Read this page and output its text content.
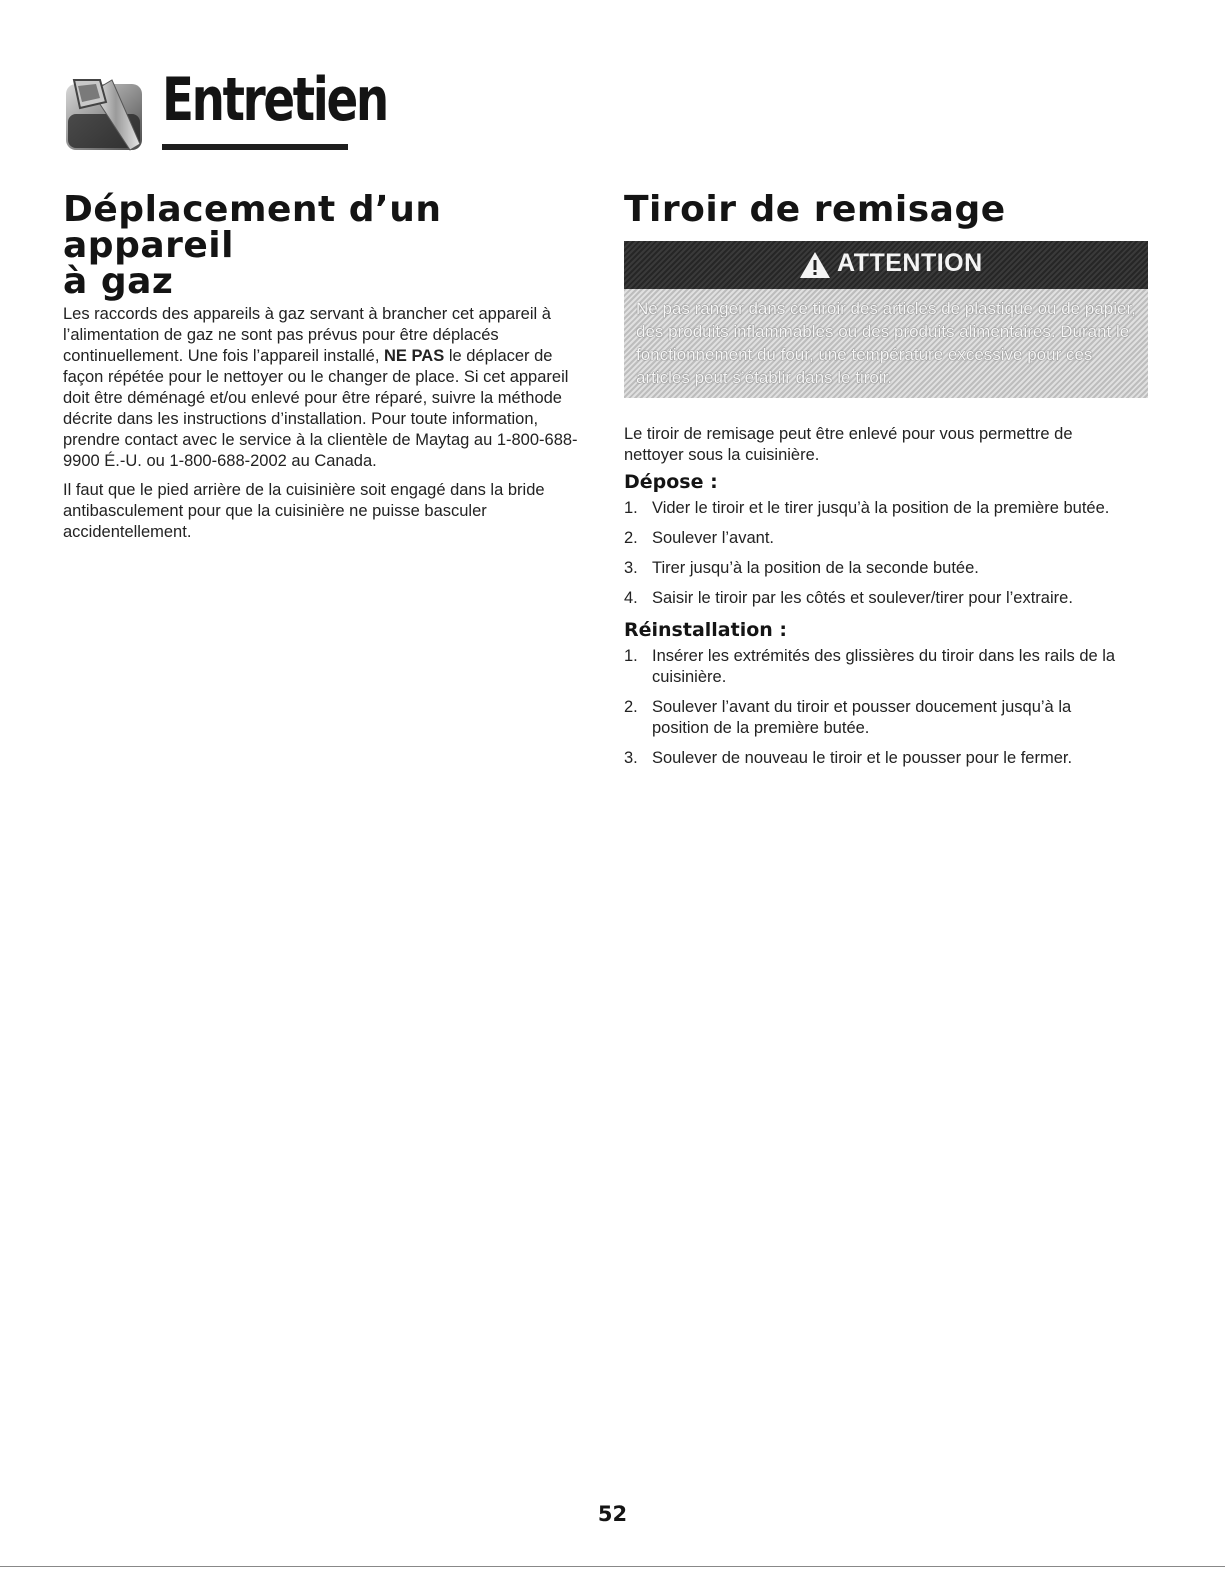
Entretien
Déplacement d’un appareil
à gaz

Les raccords des appareils à gaz servant à brancher cet appareil à l’alimentation de gaz ne sont pas prévus pour être déplacés continuellement. Une fois l’appareil installé, NE PAS le déplacer de façon répétée pour le nettoyer ou le changer de place. Si cet appareil doit être déménagé et/ou enlevé pour être réparé, suivre la méthode décrite dans les instructions d’installation. Pour toute information, prendre contact avec le service à la clientèle de Maytag au 1-800-688-9900 É.-U. ou 1-800-688-2002 au Canada.

Il faut que le pied arrière de la cuisinière soit engagé dans la bride antibasculement pour que la cuisinière ne puisse basculer accidentellement.

Tiroir de remisage
ATTENTION

Ne pas ranger dans ce tiroir des articles de plastique ou de papier, des produits inflammables ou des produits alimentaires. Durant le fonctionnement du four, une température excessive pour ces articles peut s’établir dans le tiroir.

Le tiroir de remisage peut être enlevé pour vous permettre de nettoyer sous la cuisinière.

Dépose :
1. Vider le tiroir et le tirer jusqu’à la position de la première butée.
2. Soulever l’avant.
3. Tirer jusqu’à la position de la seconde butée.
4. Saisir le tiroir par les côtés et soulever/tirer pour l’extraire.
Réinstallation :
1. Insérer les extrémités des glissières du tiroir dans les rails de la cuisinière.
2. Soulever l’avant du tiroir et pousser doucement jusqu’à la position de la première butée.
3. Soulever de nouveau le tiroir et le pousser pour le fermer.
52
